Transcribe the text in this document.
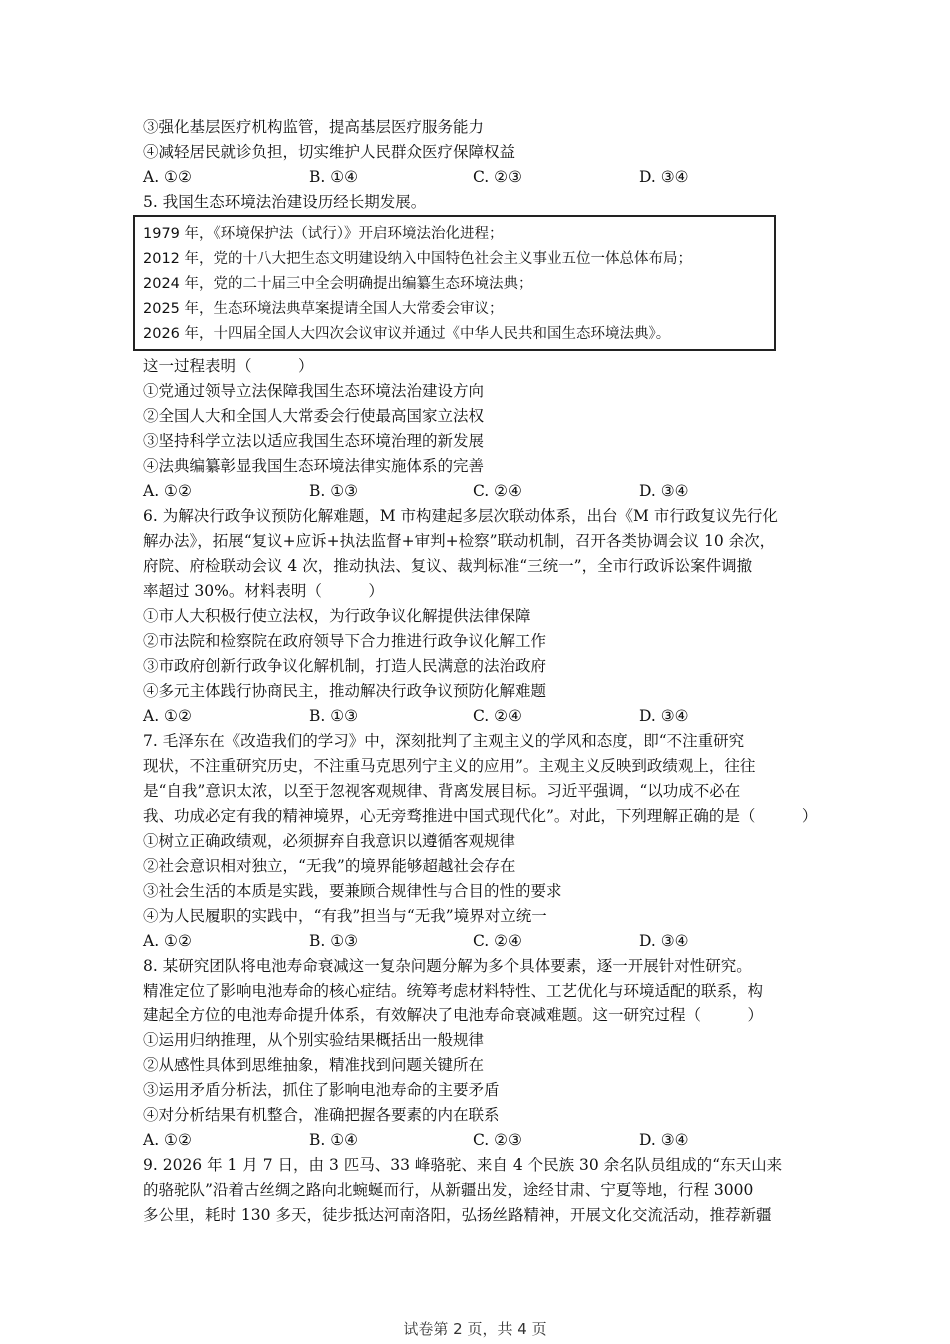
③强化基层医疗机构监管，提高基层医疗服务能力
④减轻居民就诊负担，切实维护人民群众医疗保障权益
A. ①②	B. ①④	C. ②③	D. ③④
5. 我国生态环境法治建设历经长期发展。
1979 年，《环境保护法（试行）》开启环境法治化进程；
2012 年，党的十八大把生态文明建设纳入中国特色社会主义事业五位一体总体布局；
2024 年，党的二十届三中全会明确提出编纂生态环境法典；
2025 年，生态环境法典草案提请全国人大常委会审议；
2026 年，十四届全国人大四次会议审议并通过《中华人民共和国生态环境法典》。
这一过程表明（　　　）
①党通过领导立法保障我国生态环境法治建设方向
②全国人大和全国人大常委会行使最高国家立法权
③坚持科学立法以适应我国生态环境治理的新发展
④法典编纂彰显我国生态环境法律实施体系的完善
A. ①②	B. ①③	C. ②④	D. ③④
6. 为解决行政争议预防化解难题，M 市构建起多层次联动体系，出台《M 市行政复议先行化
解办法》，拓展“复议+应诉+执法监督+审判+检察”联动机制，召开各类协调会议 10 余次，
府院、府检联动会议 4 次，推动执法、复议、裁判标准“三统一”，全市行政诉讼案件调撤
率超过 30%。材料表明（　　　）
①市人大积极行使立法权，为行政争议化解提供法律保障
②市法院和检察院在政府领导下合力推进行政争议化解工作
③市政府创新行政争议化解机制，打造人民满意的法治政府
④多元主体践行协商民主，推动解决行政争议预防化解难题
A. ①②	B. ①③	C. ②④	D. ③④
7. 毛泽东在《改造我们的学习》中，深刻批判了主观主义的学风和态度，即“不注重研究
现状，不注重研究历史，不注重马克思列宁主义的应用”。主观主义反映到政绩观上，往往
是“自我”意识太浓，以至于忽视客观规律、背离发展目标。习近平强调，“以功成不必在
我、功成必定有我的精神境界，心无旁骛推进中国式现代化”。对此，下列理解正确的是（　　　）
①树立正确政绩观，必须摒弃自我意识以遵循客观规律
②社会意识相对独立，“无我”的境界能够超越社会存在
③社会生活的本质是实践，要兼顾合规律性与合目的性的要求
④为人民履职的实践中，“有我”担当与“无我”境界对立统一
A. ①②	B. ①③	C. ②④	D. ③④
8. 某研究团队将电池寿命衰减这一复杂问题分解为多个具体要素，逐一开展针对性研究。
精准定位了影响电池寿命的核心症结。统筹考虑材料特性、工艺优化与环境适配的联系，构
建起全方位的电池寿命提升体系，有效解决了电池寿命衰减难题。这一研究过程（　　　）
①运用归纳推理，从个别实验结果概括出一般规律
②从感性具体到思维抽象，精准找到问题关键所在
③运用矛盾分析法，抓住了影响电池寿命的主要矛盾
④对分析结果有机整合，准确把握各要素的内在联系
A. ①②	B. ①④	C. ②③	D. ③④
9. 2026 年 1 月 7 日，由 3 匹马、33 峰骆驼、来自 4 个民族 30 余名队员组成的“东天山来
的骆驼队”沿着古丝绸之路向北蜿蜒而行，从新疆出发，途经甘肃、宁夏等地，行程 3000
多公里，耗时 130 多天，徒步抵达河南洛阳，弘扬丝路精神，开展文化交流活动，推荐新疆
试卷第 2 页，共 4 页
